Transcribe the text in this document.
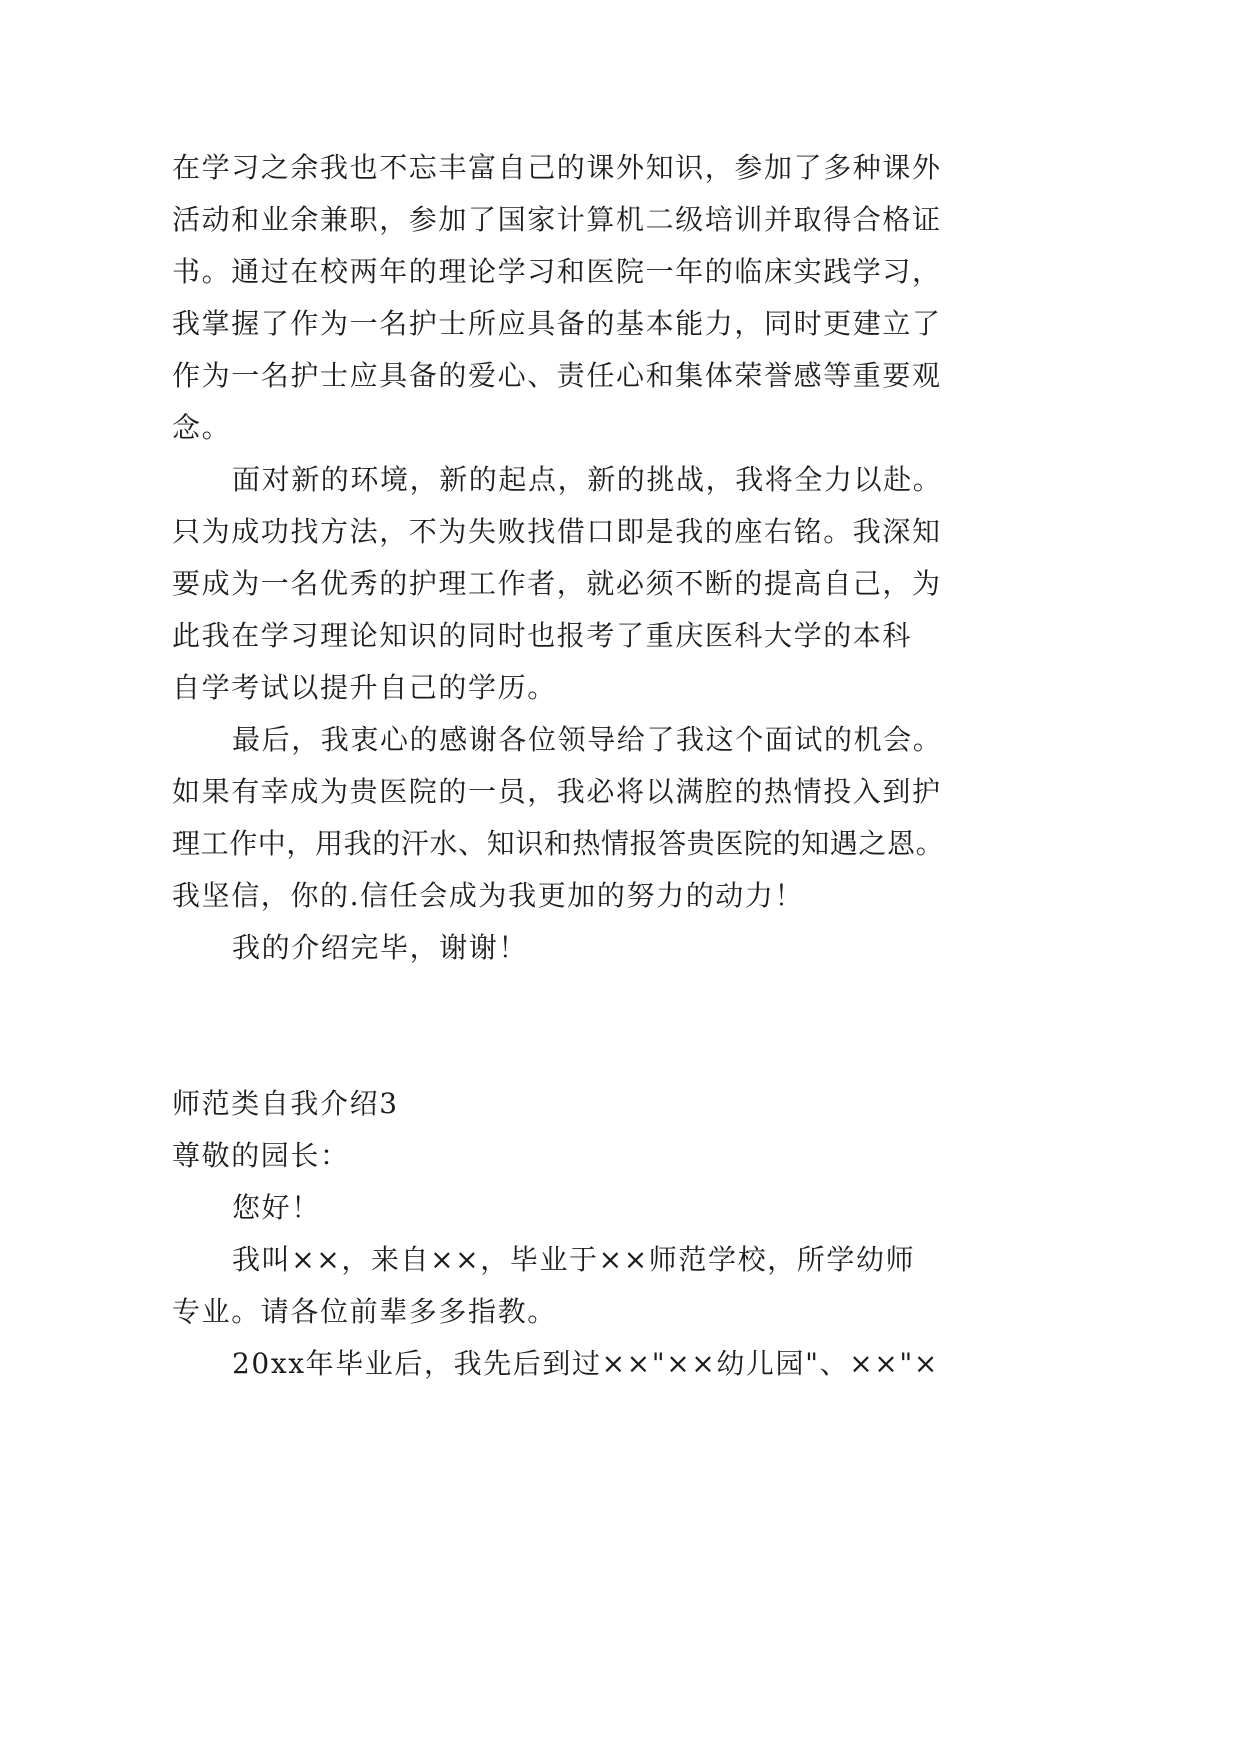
在学习之余我也不忘丰富自己的课外知识，参加了多种课外
活动和业余兼职，参加了国家计算机二级培训并取得合格证
书。通过在校两年的理论学习和医院一年的临床实践学习，
我掌握了作为一名护士所应具备的基本能力，同时更建立了
作为一名护士应具备的爱心、责任心和集体荣誉感等重要观
念。
面对新的环境，新的起点，新的挑战，我将全力以赴。
只为成功找方法，不为失败找借口即是我的座右铭。我深知
要成为一名优秀的护理工作者，就必须不断的提高自己，为
此我在学习理论知识的同时也报考了重庆医科大学的本科
自学考试以提升自己的学历。
最后，我衷心的感谢各位领导给了我这个面试的机会。
如果有幸成为贵医院的一员，我必将以满腔的热情投入到护
理工作中，用我的汗水、知识和热情报答贵医院的知遇之恩。
我坚信，你的.信任会成为我更加的努力的动力！
我的介绍完毕，谢谢！
师范类自我介绍3
尊敬的园长：
您好！
我叫××，来自××，毕业于××师范学校，所学幼师
专业。请各位前辈多多指教。
20xx年毕业后，我先后到过××"××幼儿园"、××"×
